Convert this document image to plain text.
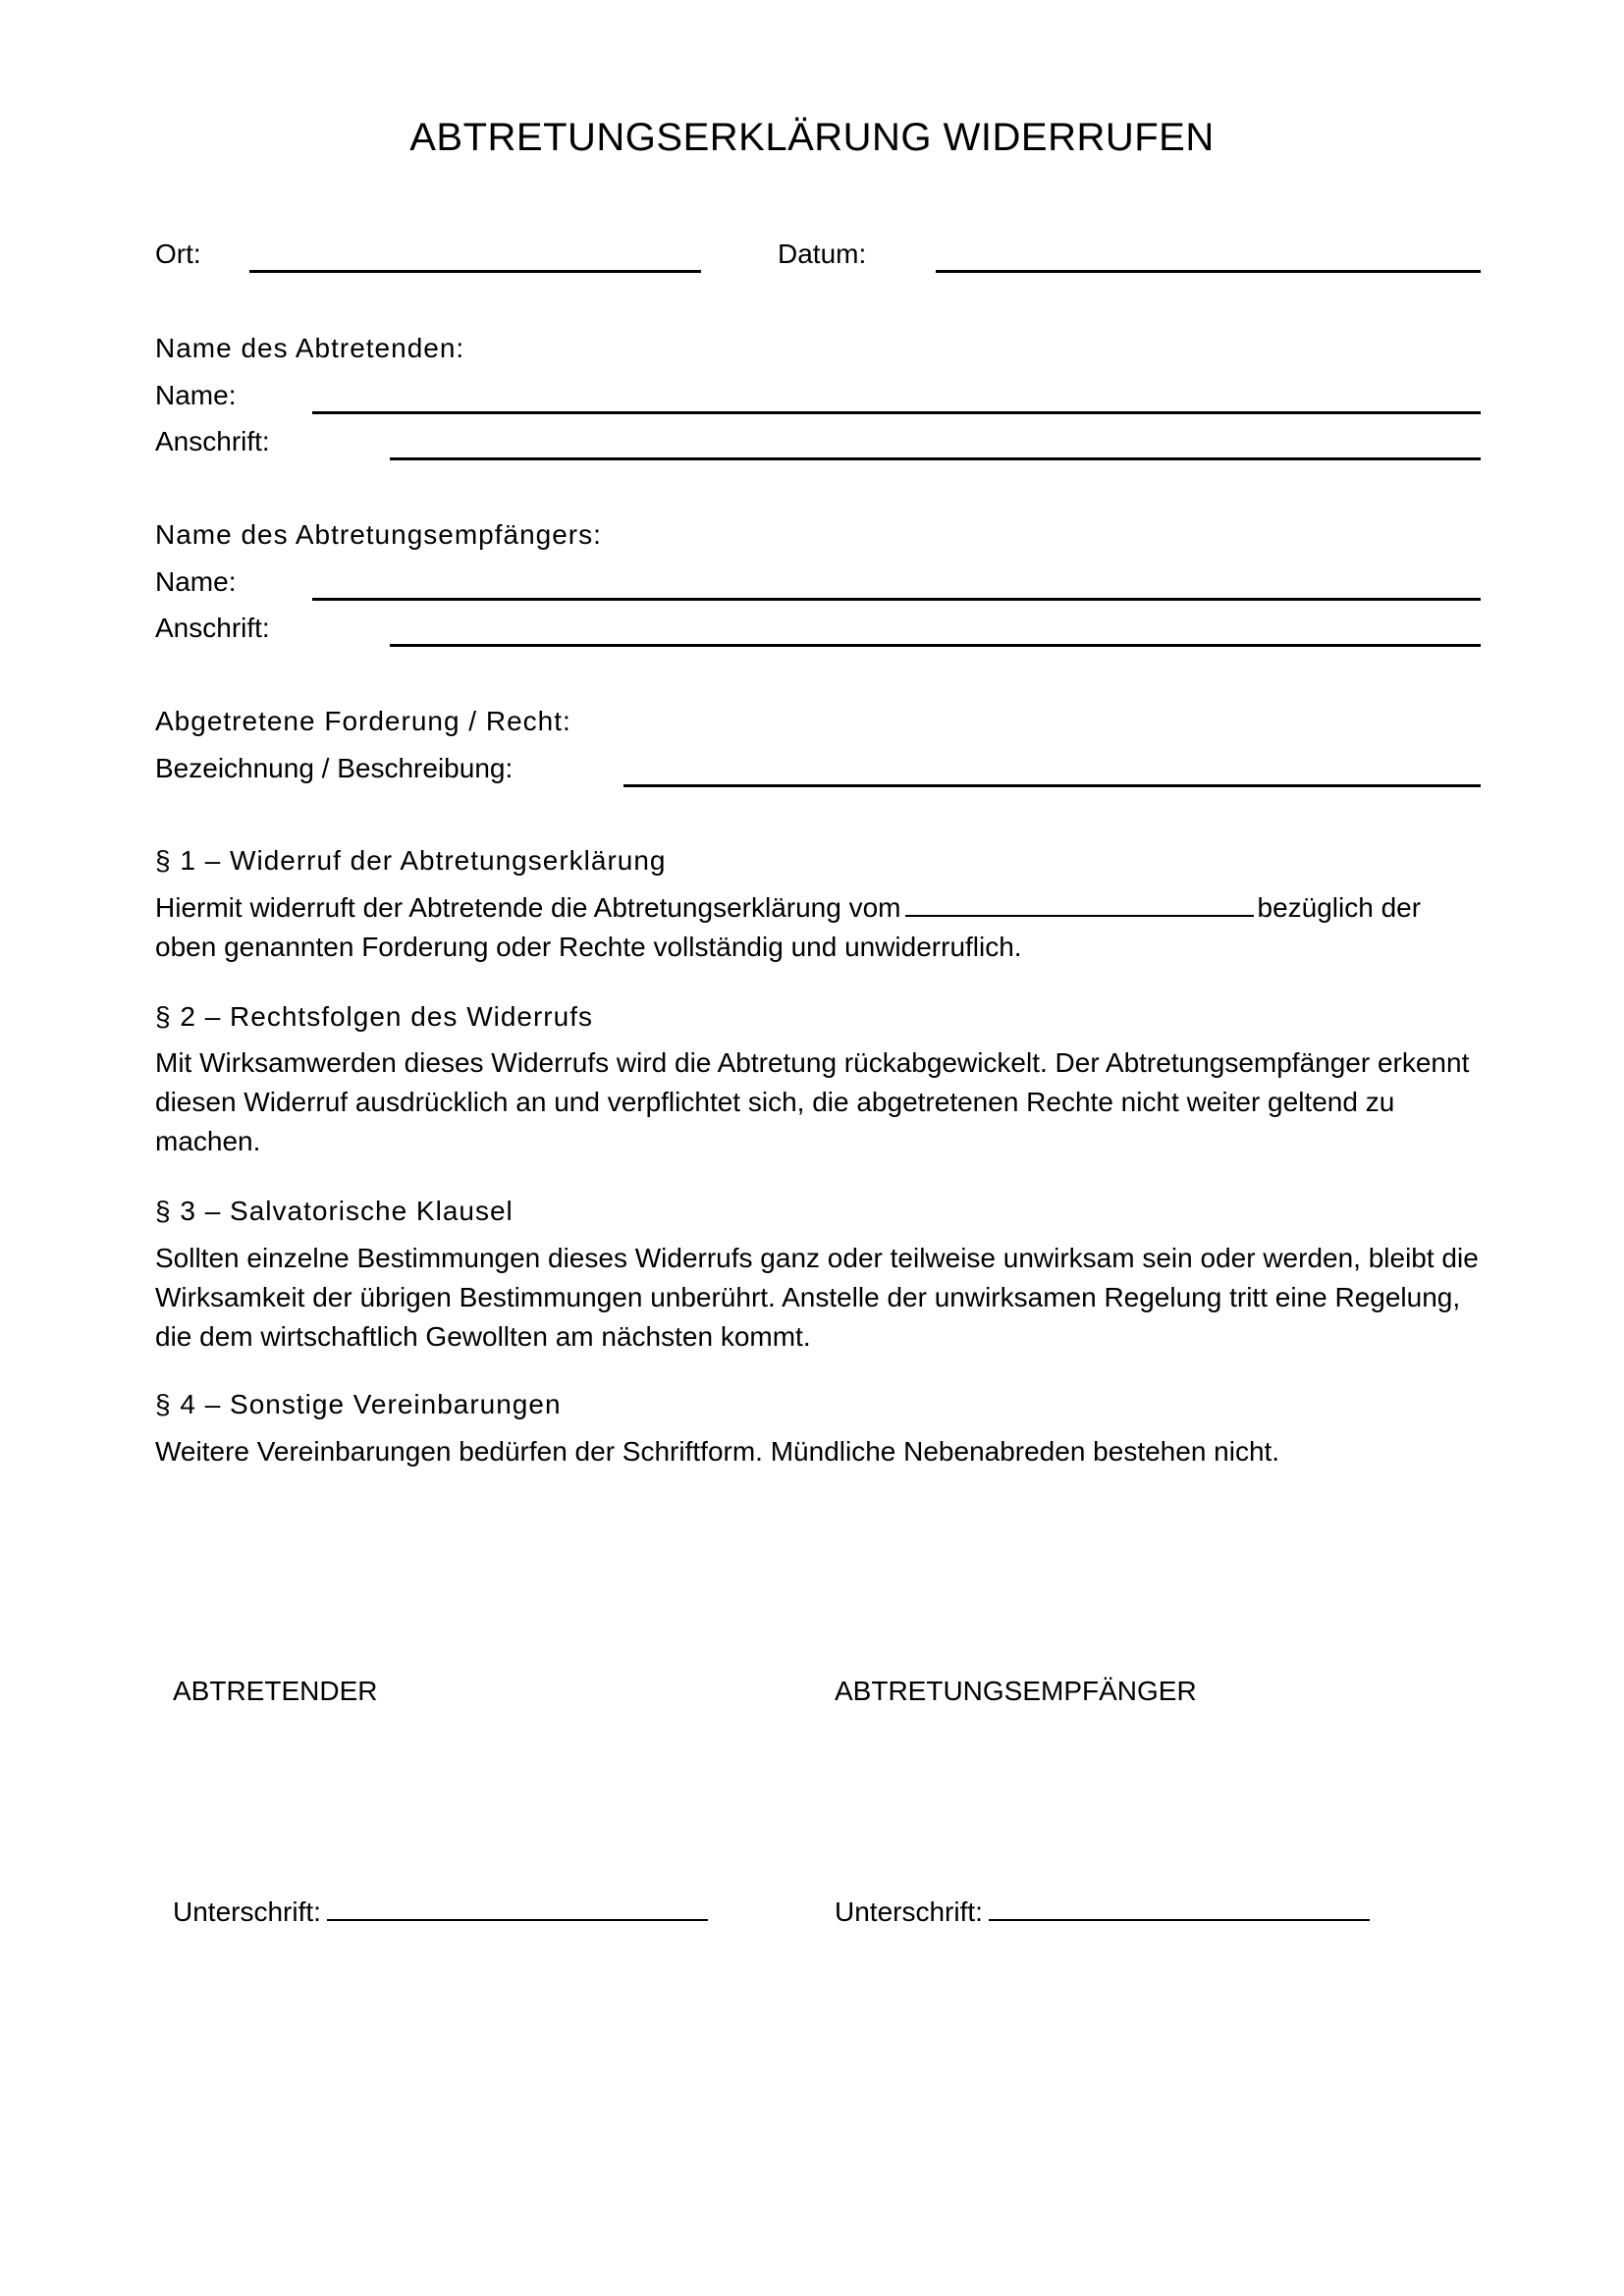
ABTRETUNGSERKLÄRUNG WIDERRUFEN
Ort:	Datum:
Name des Abtretenden:
Name:
Anschrift:
Name des Abtretungsempfängers:
Name:
Anschrift:
Abgetretene Forderung / Recht:
Bezeichnung / Beschreibung:
§ 1 – Widerruf der Abtretungserklärung
Hiermit widerruft der Abtretende die Abtretungserklärung vom	bezüglich der oben genannten Forderung oder Rechte vollständig und unwiderruflich.
§ 2 – Rechtsfolgen des Widerrufs
Mit Wirksamwerden dieses Widerrufs wird die Abtretung rückabgewickelt. Der Abtretungsempfänger erkennt diesen Widerruf ausdrücklich an und verpflichtet sich, die abgetretenen Rechte nicht weiter geltend zu machen.
§ 3 – Salvatorische Klausel
Sollten einzelne Bestimmungen dieses Widerrufs ganz oder teilweise unwirksam sein oder werden, bleibt die Wirksamkeit der übrigen Bestimmungen unberührt. Anstelle der unwirksamen Regelung tritt eine Regelung, die dem wirtschaftlich Gewollten am nächsten kommt.
§ 4 – Sonstige Vereinbarungen
Weitere Vereinbarungen bedürfen der Schriftform. Mündliche Nebenabreden bestehen nicht.
ABTRETENDER	ABTRETUNGSEMPFÄNGER
Unterschrift:	Unterschrift:
